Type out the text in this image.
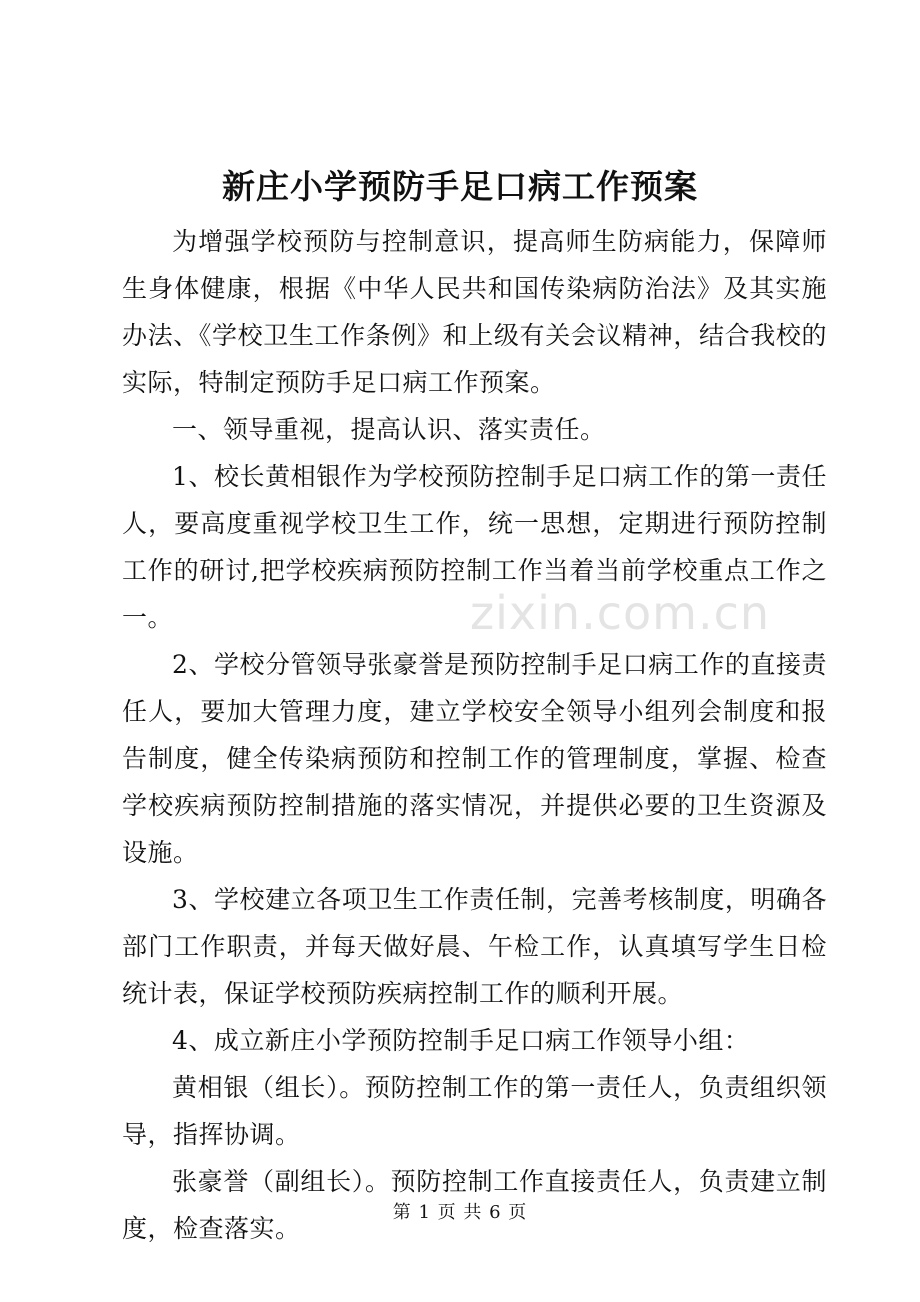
新庄小学预防手足口病工作预案

为增强学校预防与控制意识，提高师生防病能力，保障师生身体健康，根据《中华人民共和国传染病防治法》及其实施办法、《学校卫生工作条例》和上级有关会议精神，结合我校的实际，特制定预防手足口病工作预案。

一、领导重视，提高认识、落实责任。

1、校长黄相银作为学校预防控制手足口病工作的第一责任人，要高度重视学校卫生工作，统一思想，定期进行预防控制工作的研讨,把学校疾病预防控制工作当着当前学校重点工作之一。

2、学校分管领导张豪誉是预防控制手足口病工作的直接责任人，要加大管理力度，建立学校安全领导小组列会制度和报告制度，健全传染病预防和控制工作的管理制度，掌握、检查学校疾病预防控制措施的落实情况，并提供必要的卫生资源及设施。

3、学校建立各项卫生工作责任制，完善考核制度，明确各部门工作职责，并每天做好晨、午检工作，认真填写学生日检统计表，保证学校预防疾病控制工作的顺利开展。

4、成立新庄小学预防控制手足口病工作领导小组：

黄相银（组长）。预防控制工作的第一责任人，负责组织领导，指挥协调。

张豪誉（副组长）。预防控制工作直接责任人，负责建立制度，检查落实。

zixin.com.cn
第 1 页 共 6 页
